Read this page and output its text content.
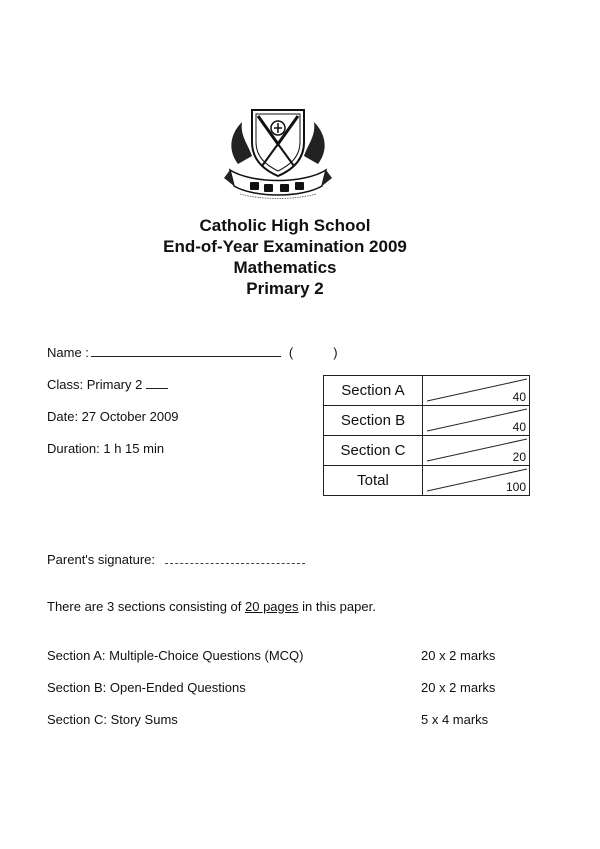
Catholic High School
End-of-Year Examination 2009
Mathematics
Primary 2
Name :	(	)
Class: Primary 2
Date: 27 October 2009
Duration: 1 h 15 min
Section A	40

Section B	40

Section C	20

Total	100
Parent's signature:
There are 3 sections consisting of 20 pages in this paper.
Section A: Multiple-Choice Questions (MCQ)	20 x 2 marks
Section B: Open-Ended Questions	20 x 2 marks
Section C: Story Sums	5 x 4 marks
